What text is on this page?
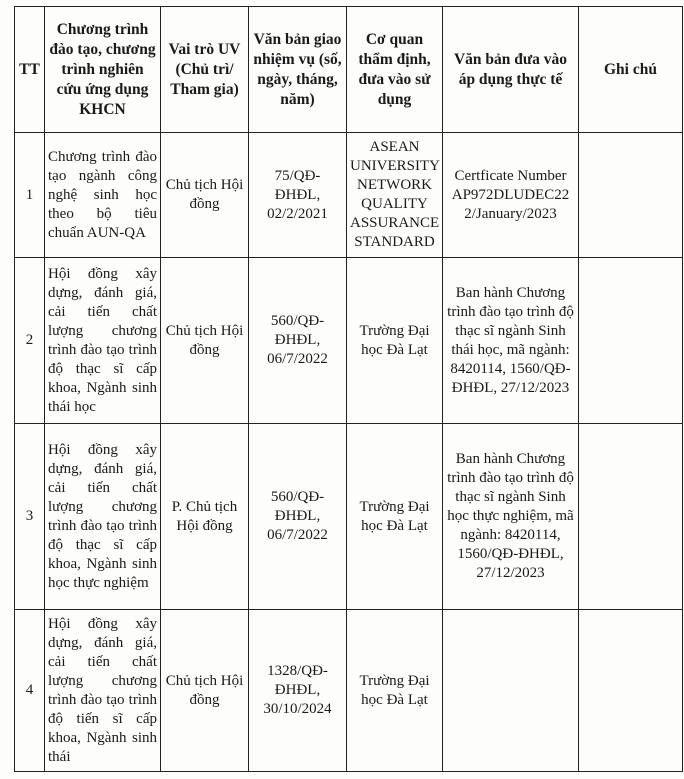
TT	Chương trình đào tạo, chương trình nghiên cứu ứng dụng KHCN	Vai trò UV (Chủ trì/ Tham gia)	Văn bản giao nhiệm vụ (số, ngày, tháng, năm)	Cơ quan thẩm định, đưa vào sử dụng	Văn bản đưa vào áp dụng thực tế	Ghi chú
1	Chương trình đào tạo ngành công nghệ sinh học theo bộ tiêu chuẩn AUN-QA	Chủ tịch Hội đồng	75/QĐ-ĐHĐL, 02/2/2021	ASEAN UNIVERSITY NETWORK QUALITY ASSURANCE STANDARD	Certficate Number AP972DLUDEC22 2/January/2023	
2	Hội đồng xây dựng, đánh giá, cải tiến chất lượng chương trình đào tạo trình độ thạc sĩ cấp khoa, Ngành sinh thái học	Chủ tịch Hội đồng	560/QĐ-ĐHĐL, 06/7/2022	Trường Đại học Đà Lạt	Ban hành Chương trình đào tạo trình độ thạc sĩ ngành Sinh thái học, mã ngành: 8420114, 1560/QĐ-ĐHĐL, 27/12/2023	
3	Hội đồng xây dựng, đánh giá, cải tiến chất lượng chương trình đào tạo trình độ thạc sĩ cấp khoa, Ngành sinh học thực nghiệm	P. Chủ tịch Hội đồng	560/QĐ-ĐHĐL, 06/7/2022	Trường Đại học Đà Lạt	Ban hành Chương trình đào tạo trình độ thạc sĩ ngành Sinh học thực nghiệm, mã ngành: 8420114, 1560/QĐ-ĐHĐL, 27/12/2023	
4	Hội đồng xây dựng, đánh giá, cải tiến chất lượng chương trình đào tạo trình độ tiến sĩ cấp khoa, Ngành sinh thái	Chủ tịch Hội đồng	1328/QĐ-ĐHĐL, 30/10/2024	Trường Đại học Đà Lạt		
